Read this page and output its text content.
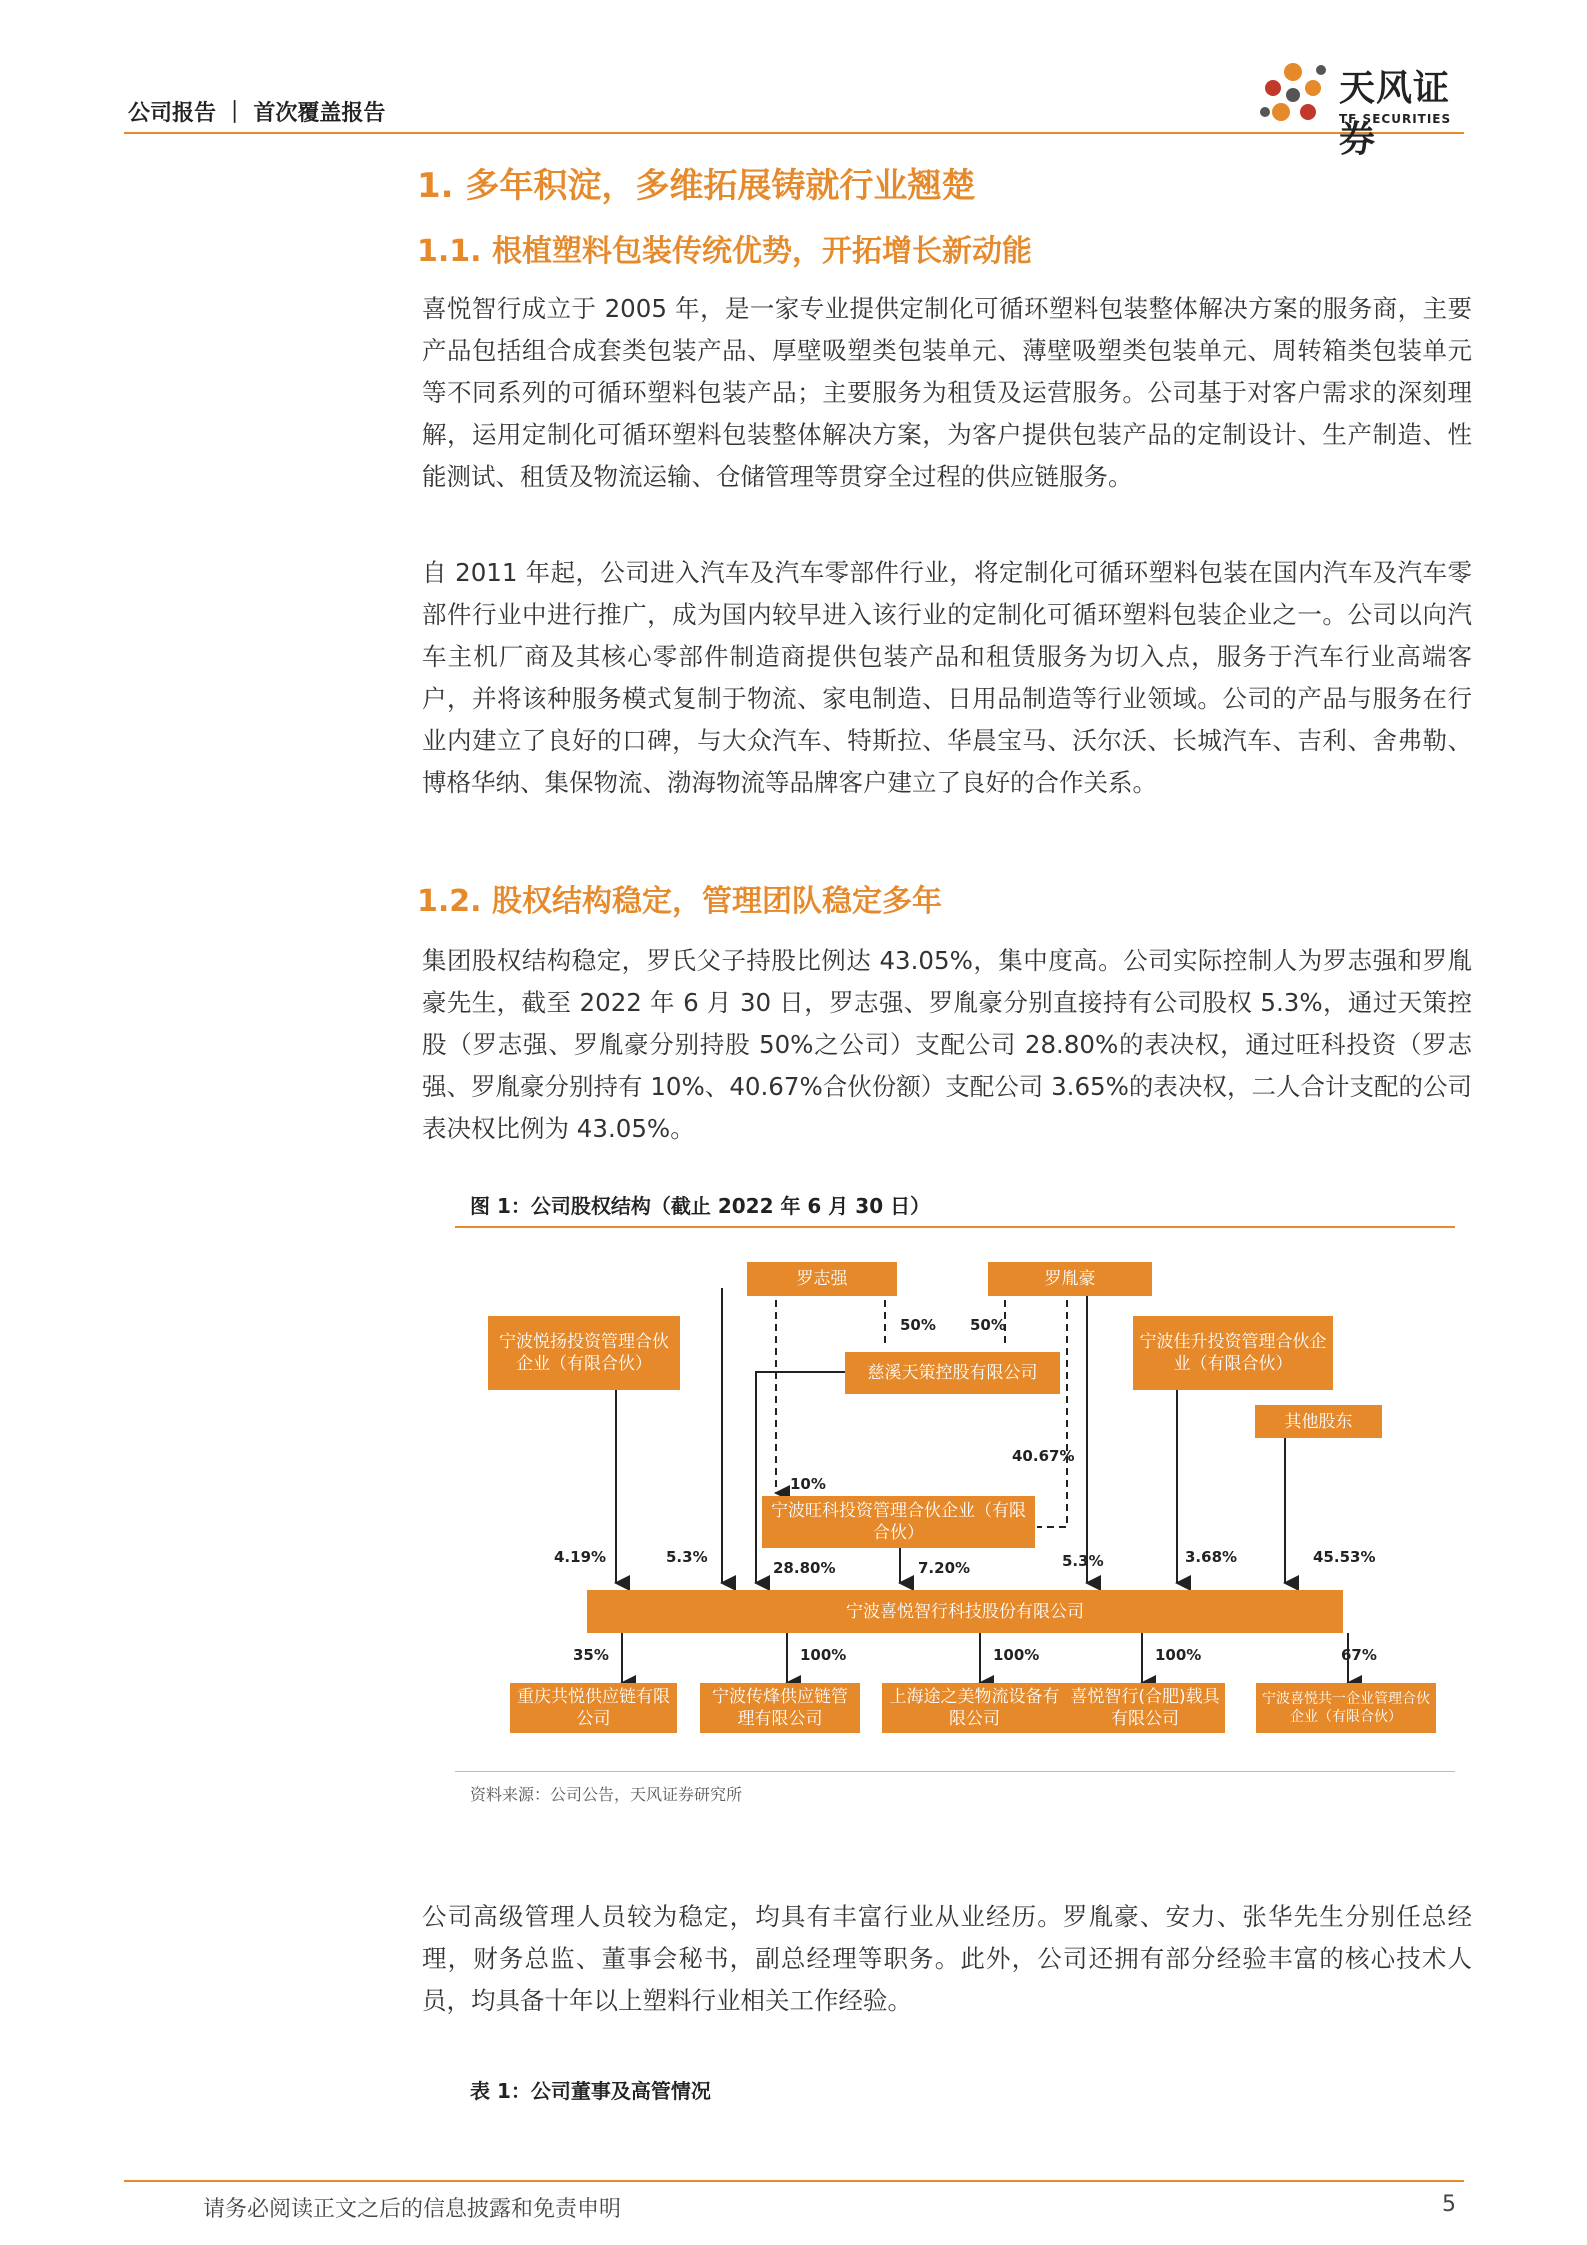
公司报告 ｜ 首次覆盖报告
天风证券
TF SECURITIES
1. 多年积淀，多维拓展铸就行业翘楚
1.1. 根植塑料包装传统优势，开拓增长新动能
喜悦智行成立于 2005 年，是一家专业提供定制化可循环塑料包装整体解决方案的服务商，主要产品包括组合成套类包装产品、厚壁吸塑类包装单元、薄壁吸塑类包装单元、周转箱类包装单元等不同系列的可循环塑料包装产品；主要服务为租赁及运营服务。公司基于对客户需求的深刻理解，运用定制化可循环塑料包装整体解决方案，为客户提供包装产品的定制设计、生产制造、性能测试、租赁及物流运输、仓储管理等贯穿全过程的供应链服务。
自 2011 年起，公司进入汽车及汽车零部件行业，将定制化可循环塑料包装在国内汽车及汽车零部件行业中进行推广，成为国内较早进入该行业的定制化可循环塑料包装企业之一。公司以向汽车主机厂商及其核心零部件制造商提供包装产品和租赁服务为切入点，服务于汽车行业高端客户，并将该种服务模式复制于物流、家电制造、日用品制造等行业领域。公司的产品与服务在行业内建立了良好的口碑，与大众汽车、特斯拉、华晨宝马、沃尔沃、长城汽车、吉利、舍弗勒、博格华纳、集保物流、渤海物流等品牌客户建立了良好的合作关系。
1.2. 股权结构稳定，管理团队稳定多年
集团股权结构稳定，罗氏父子持股比例达 43.05%，集中度高。公司实际控制人为罗志强和罗胤豪先生，截至 2022 年 6 月 30 日，罗志强、罗胤豪分别直接持有公司股权 5.3%，通过天策控股（罗志强、罗胤豪分别持股 50%之公司）支配公司 28.80%的表决权，通过旺科投资（罗志强、罗胤豪分别持有 10%、40.67%合伙份额）支配公司 3.65%的表决权，二人合计支配的公司表决权比例为 43.05%。
图 1：公司股权结构（截止 2022 年 6 月 30 日）
罗志强	罗胤豪
宁波悦扬投资管理合伙企业（有限合伙）	慈溪天策控股有限公司
宁波佳升投资管理合伙企业（有限合伙）
其他股东
宁波旺科投资管理合伙企业（有限合伙）
宁波喜悦智行科技股份有限公司
重庆共悦供应链有限公司
宁波传烽供应链管理有限公司
上海途之美物流设备有限公司
喜悦智行(合肥)载具有限公司
宁波喜悦共一企业管理合伙企业（有限合伙）
50% 50%
40.67%
10%
4.19%	5.3%
28.80%	7.20%	5.3%	3.68%	45.53%
35%	100%	100%	100%	67%
资料来源：公司公告，天风证券研究所
公司高级管理人员较为稳定，均具有丰富行业从业经历。罗胤豪、安力、张华先生分别任总经理，财务总监、董事会秘书，副总经理等职务。此外，公司还拥有部分经验丰富的核心技术人员，均具备十年以上塑料行业相关工作经验。
表 1：公司董事及高管情况
请务必阅读正文之后的信息披露和免责申明	5
